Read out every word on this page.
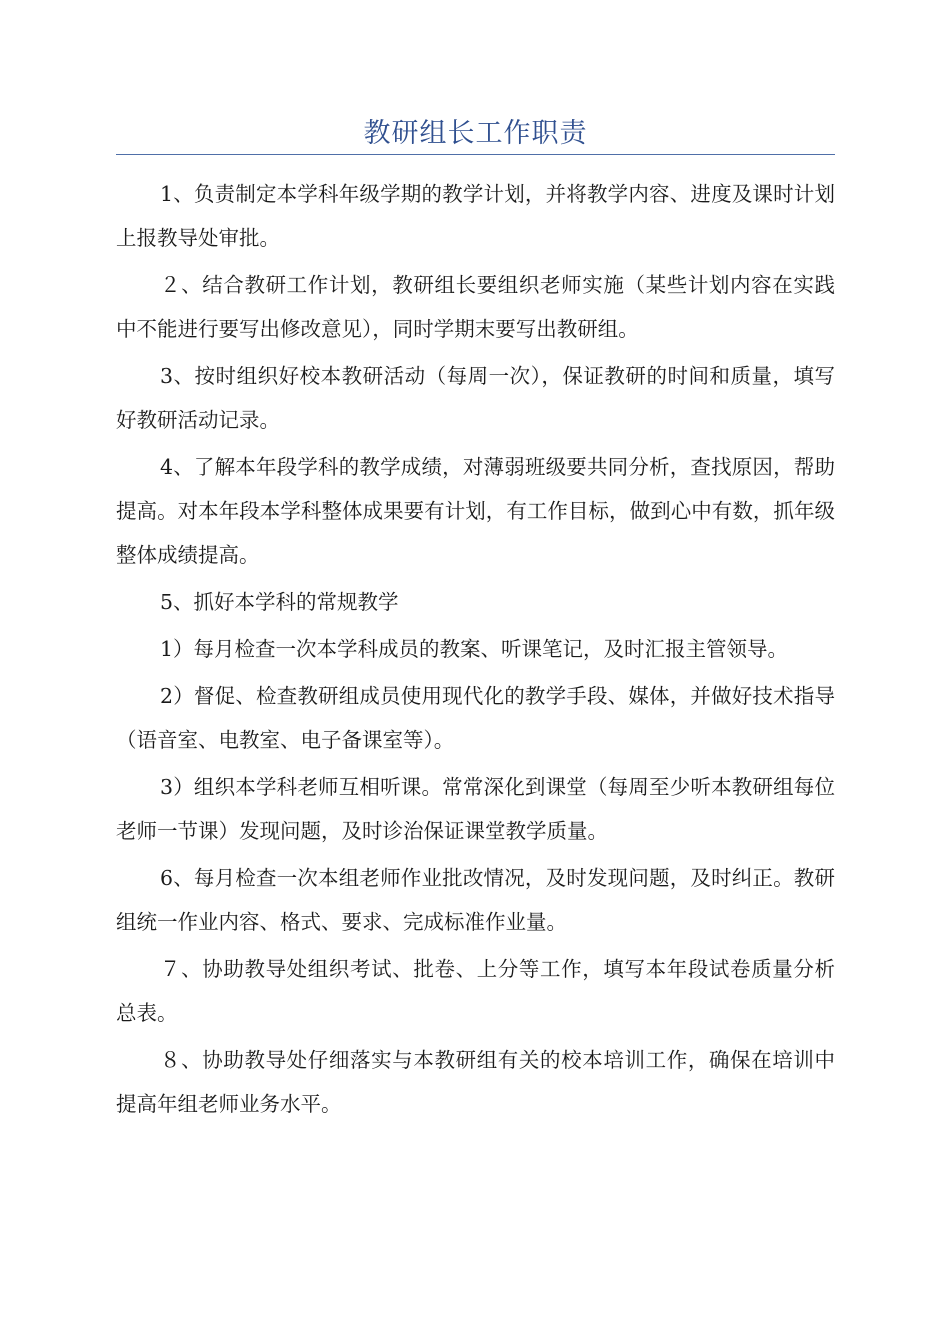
教研组长工作职责

1、负责制定本学科年级学期的教学计划，并将教学内容、进度及课时计划上报教导处审批。

２、结合教研工作计划，教研组长要组织老师实施（某些计划内容在实践中不能进行要写出修改意见），同时学期末要写出教研组。

3、按时组织好校本教研活动（每周一次），保证教研的时间和质量，填写好教研活动记录。

4、了解本年段学科的教学成绩，对薄弱班级要共同分析，查找原因，帮助提高。对本年段本学科整体成果要有计划，有工作目标，做到心中有数，抓年级整体成绩提高。

5、抓好本学科的常规教学

1）每月检查一次本学科成员的教案、听课笔记，及时汇报主管领导。

2）督促、检查教研组成员使用现代化的教学手段、媒体，并做好技术指导（语音室、电教室、电子备课室等）。

3）组织本学科老师互相听课。常常深化到课堂（每周至少听本教研组每位老师一节课）发现问题，及时诊治保证课堂教学质量。

6、每月检查一次本组老师作业批改情况，及时发现问题，及时纠正。教研组统一作业内容、格式、要求、完成标准作业量。

７、协助教导处组织考试、批卷、上分等工作，填写本年段试卷质量分析总表。

８、协助教导处仔细落实与本教研组有关的校本培训工作，确保在培训中提高年组老师业务水平。
